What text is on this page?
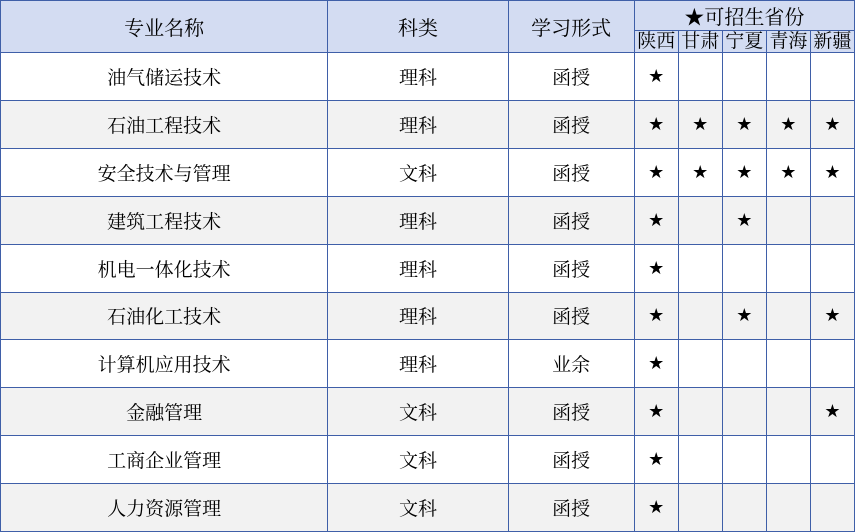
专业名称	科类	学习形式	★可招生省份				
			陕西	甘肃	宁夏	青海	新疆
油气储运技术	理科	函授	★				
石油工程技术	理科	函授	★	★	★	★	★
安全技术与管理	文科	函授	★	★	★	★	★
建筑工程技术	理科	函授	★		★		
机电一体化技术	理科	函授	★				
石油化工技术	理科	函授	★		★		★
计算机应用技术	理科	业余	★				
金融管理	文科	函授	★				★
工商企业管理	文科	函授	★				
人力资源管理	文科	函授	★				
